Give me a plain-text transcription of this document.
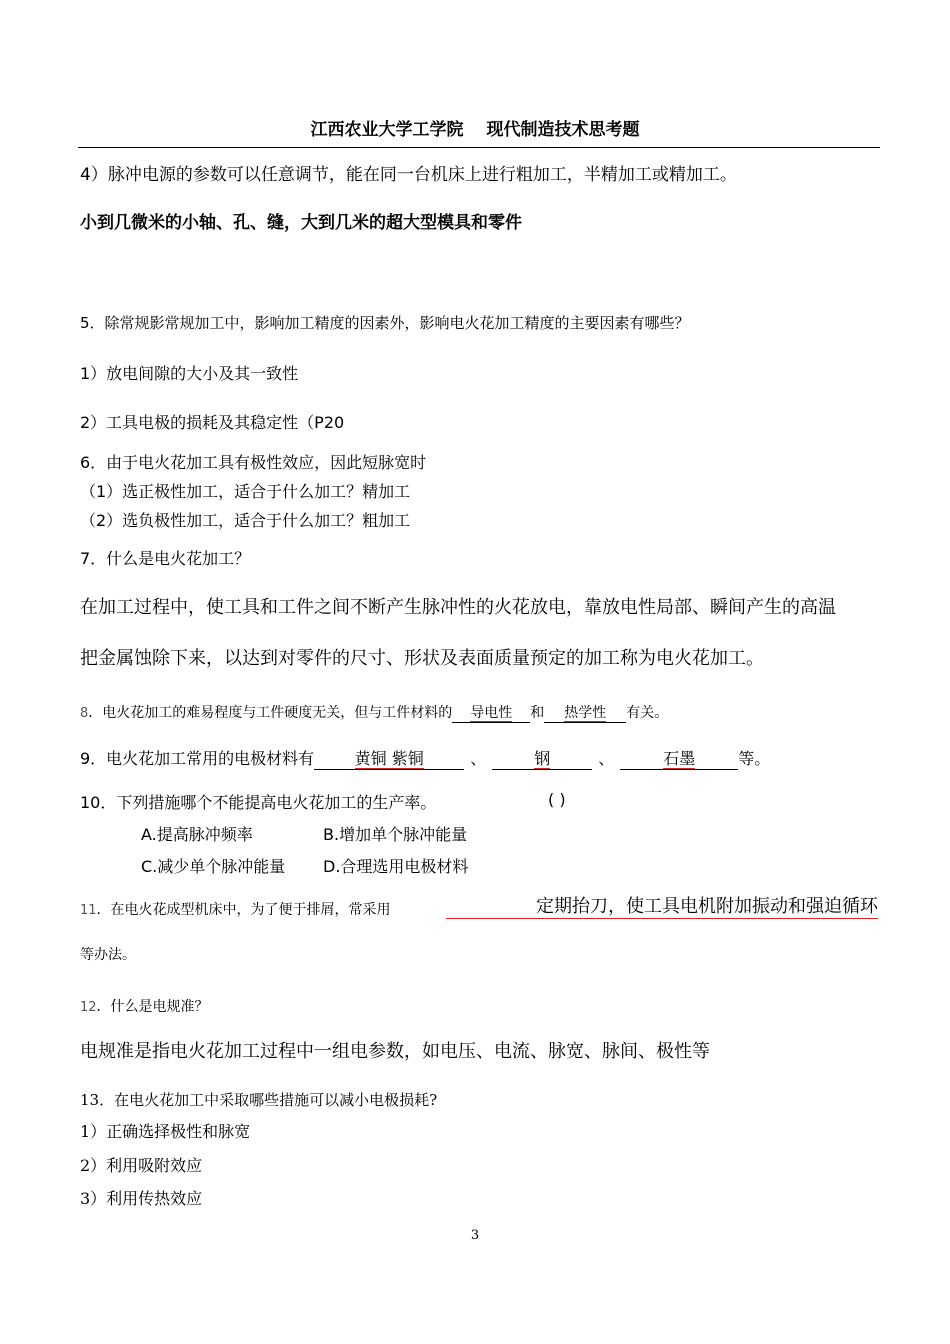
江西农业大学工学院　 现代制造技术思考题
4）脉冲电源的参数可以任意调节，能在同一台机床上进行粗加工，半精加工或精加工。
小到几微米的小轴、孔、缝，大到几米的超大型模具和零件
5．除常规影常规加工中，影响加工精度的因素外，影响电火花加工精度的主要因素有哪些？
1）放电间隙的大小及其一致性
2）工具电极的损耗及其稳定性（P20
6．由于电火花加工具有极性效应，因此短脉宽时
（1）选正极性加工，适合于什么加工？精加工
（2）选负极性加工，适合于什么加工？粗加工
7．什么是电火花加工？
在加工过程中，使工具和工件之间不断产生脉冲性的火花放电，靠放电性局部、瞬间产生的高温
把金属蚀除下来，以达到对零件的尺寸、形状及表面质量预定的加工称为电火花加工。
8．电火花加工的难易程度与工件硬度无关，但与工件材料的 导电性 和 热学性 有关。
9．电火花加工常用的电极材料有	黄铜 紫铜	、	钢	、	石墨	等。
10．下列措施哪个不能提高电火花加工的生产率。	( )
A.提高脉冲频率	B.增加单个脉冲能量
C.减少单个脉冲能量 D.合理选用电极材料
11．在电火花成型机床中，为了便于排屑，常采用	定期抬刀，使工具电机附加振动和强迫循环
等办法。
12．什么是电规准？
电规准是指电火花加工过程中一组电参数，如电压、电流、脉宽、脉间、极性等
13．在电火花加工中采取哪些措施可以减小电极损耗?
1）正确选择极性和脉宽
2）利用吸附效应
3）利用传热效应
3
